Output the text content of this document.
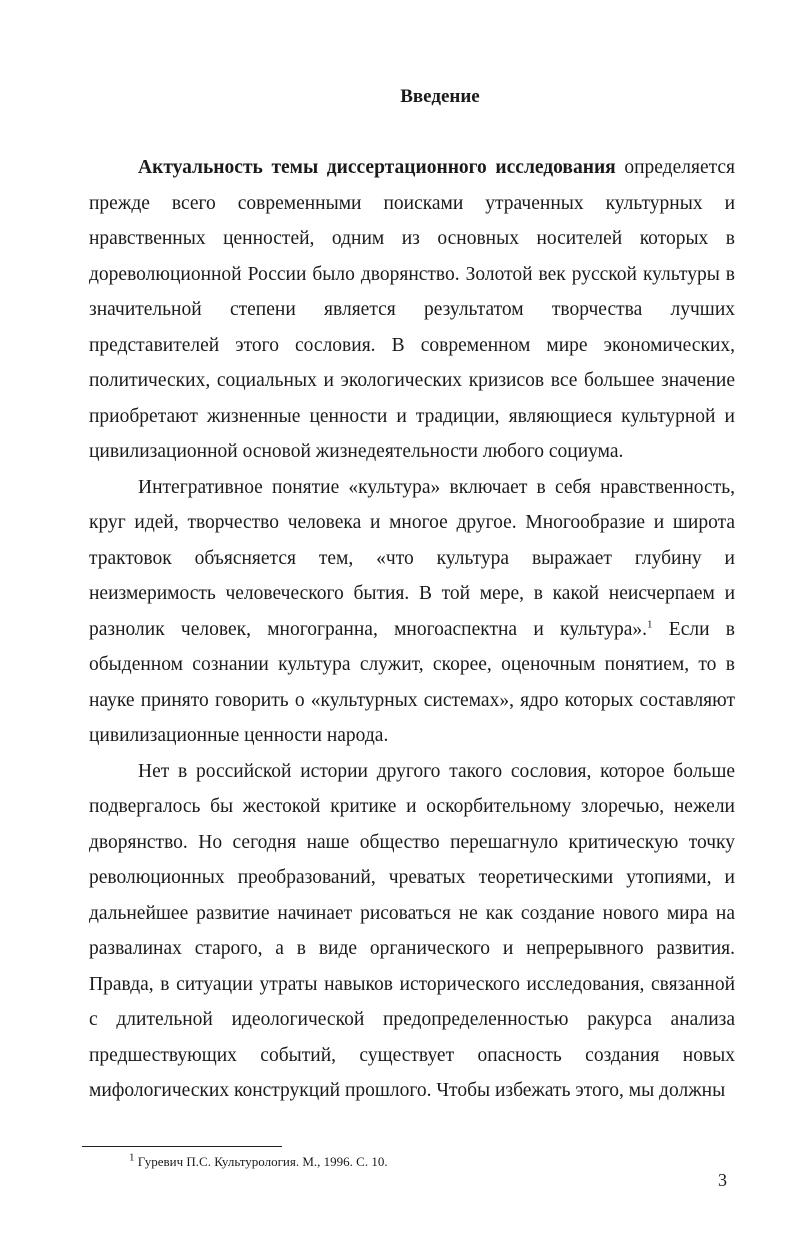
Введение

Актуальность темы диссертационного исследования определяется прежде всего современными поисками утраченных культурных и нравственных ценностей, одним из основных носителей которых в дореволюционной России было дворянство. Золотой век русской культуры в значительной степени является результатом творчества лучших представителей этого сословия. В современном мире экономических, политических, социальных и экологических кризисов все большее значение приобретают жизненные ценности и традиции, являющиеся культурной и цивилизационной основой жизнедеятельности любого социума.

Интегративное понятие «культура» включает в себя нравственность, круг идей, творчество человека и многое другое. Многообразие и широта трактовок объясняется тем, «что культура выражает глубину и неизмеримость человеческого бытия. В той мере, в какой неисчерпаем и разнолик человек, многогранна, многоаспектна и культура».$^1$ Если в обыденном сознании культура служит, скорее, оценочным понятием, то в науке принято говорить о «культурных системах», ядро которых составляют цивилизационные ценности народа.

Нет в российской истории другого такого сословия, которое больше подвергалось бы жестокой критике и оскорбительному злоречью, нежели дворянство. Но сегодня наше общество перешагнуло критическую точку революционных преобразований, чреватых теоретическими утопиями, и дальнейшее развитие начинает рисоваться не как создание нового мира на развалинах старого, а в виде органического и непрерывного развития. Правда, в ситуации утраты навыков исторического исследования, связанной с длительной идеологической предопределенностью ракурса анализа предшествующих событий, существует опасность создания новых мифологических конструкций прошлого. Чтобы избежать этого, мы должны

$^1$ Гуревич П.С. Культурология. М., 1996. С. 10.

3
